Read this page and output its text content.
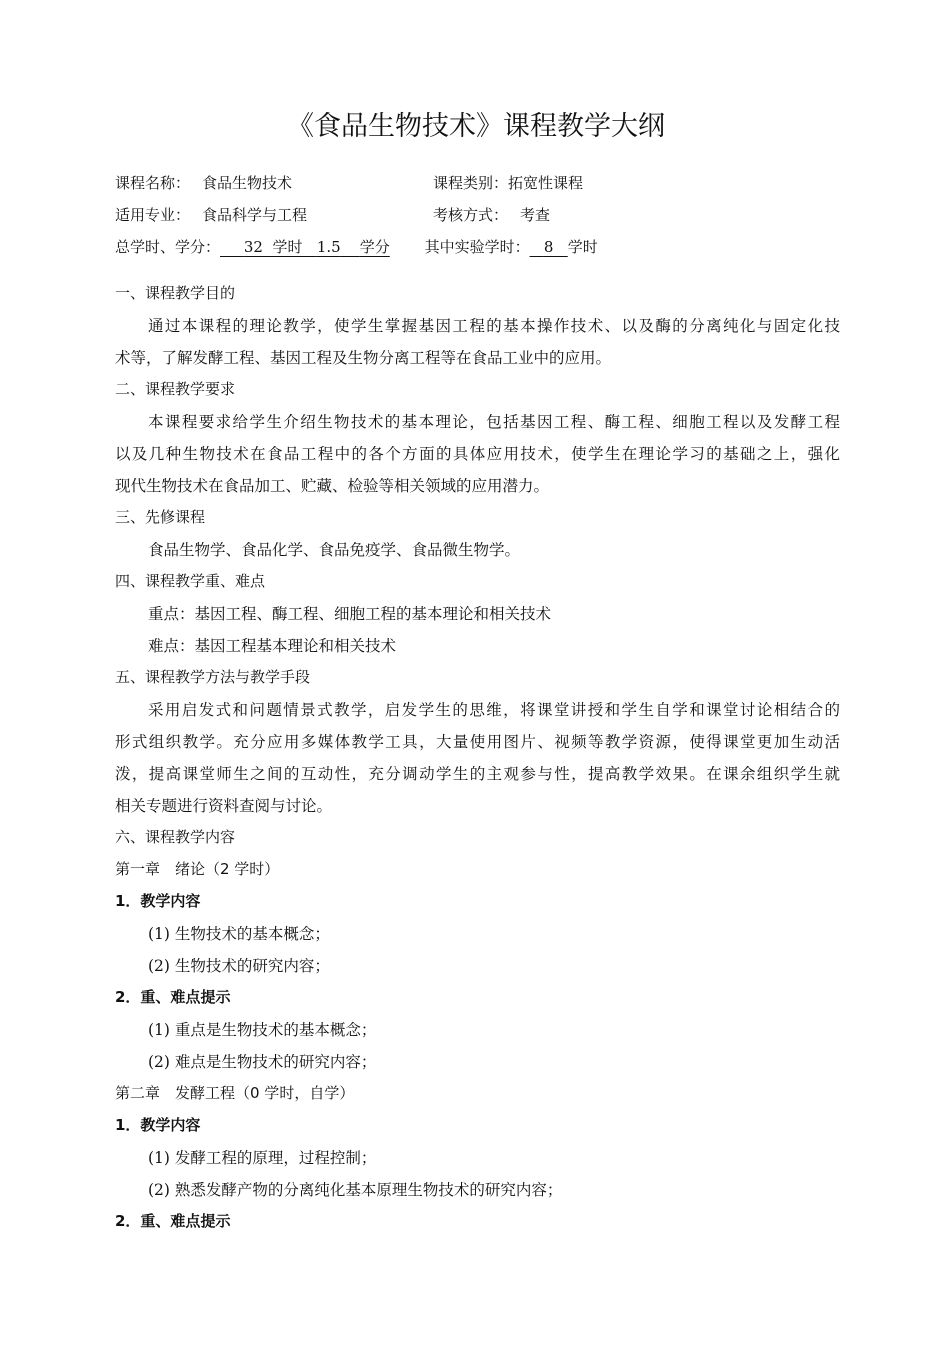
《食品生物技术》课程教学大纲
课程名称： 食品生物技术	课程类别：拓宽性课程
适用专业： 食品科学与工程	考核方式： 考查
总学时、学分： 32 学时 1.5 学分 其中实验学时： 8 学时
一、课程教学目的
通过本课程的理论教学，使学生掌握基因工程的基本操作技术、以及酶的分离纯化与固定化技
术等，了解发酵工程、基因工程及生物分离工程等在食品工业中的应用。
二、课程教学要求
本课程要求给学生介绍生物技术的基本理论，包括基因工程、酶工程、细胞工程以及发酵工程
以及几种生物技术在食品工程中的各个方面的具体应用技术，使学生在理论学习的基础之上，强化
现代生物技术在食品加工、贮藏、检验等相关领域的应用潜力。
三、先修课程
食品生物学、食品化学、食品免疫学、食品微生物学。
四、课程教学重、难点
重点：基因工程、酶工程、细胞工程的基本理论和相关技术
难点：基因工程基本理论和相关技术
五、课程教学方法与教学手段
采用启发式和问题情景式教学，启发学生的思维，将课堂讲授和学生自学和课堂讨论相结合的
形式组织教学。充分应用多媒体教学工具，大量使用图片、视频等教学资源，使得课堂更加生动活
泼，提高课堂师生之间的互动性，充分调动学生的主观参与性，提高教学效果。在课余组织学生就
相关专题进行资料查阅与讨论。
六、课程教学内容
第一章　绪论（2 学时）
1．教学内容
(1) 生物技术的基本概念；
(2) 生物技术的研究内容；
2．重、难点提示
(1) 重点是生物技术的基本概念；
(2) 难点是生物技术的研究内容；
第二章　发酵工程（0 学时，自学）
1．教学内容
(1) 发酵工程的原理，过程控制；
(2) 熟悉发酵产物的分离纯化基本原理生物技术的研究内容；
2．重、难点提示
